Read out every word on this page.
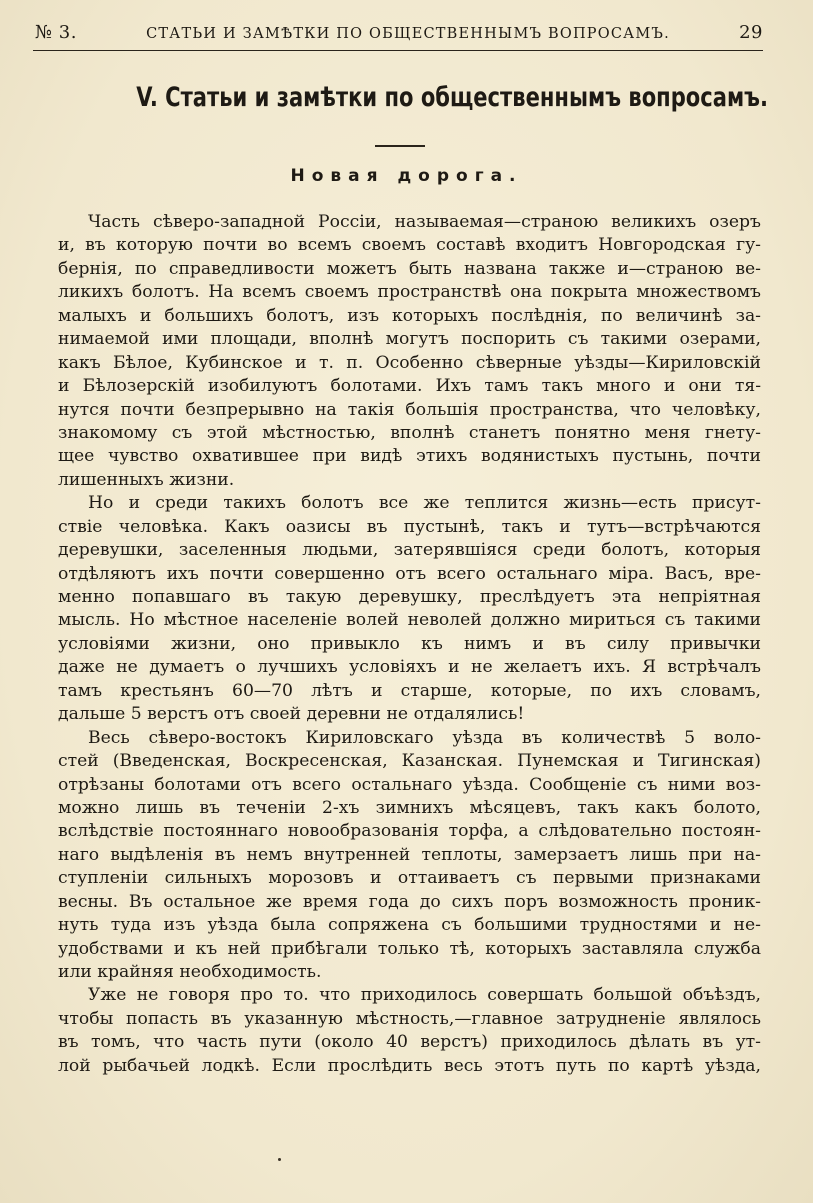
№ 3.	СТАТЬИ И ЗАМѢТКИ ПО ОБЩЕСТВЕННЫМЪ ВОПРОСАМЪ.	29
V. Статьи и замѣтки по общественнымъ вопросамъ.
Новая дорога.
Часть сѣверо-западной Россіи, называемая—страною великихъ озеръ
и, въ которую почти во всемъ своемъ составѣ входитъ Новгородская гу-
бернія, по справедливости можетъ быть названа также и—страною ве-
ликихъ болотъ. На всемъ своемъ пространствѣ она покрыта множествомъ
малыхъ и большихъ болотъ, изъ которыхъ послѣднія, по величинѣ за-
нимаемой ими площади, вполнѣ могутъ поспорить съ такими озерами,
какъ Бѣлое, Кубинское и т. п. Особенно сѣверные уѣзды—Кириловскій
и Бѣлозерскій изобилуютъ болотами. Ихъ тамъ такъ много и они тя-
нутся почти безпрерывно на такія большія пространства, что человѣку,
знакомому съ этой мѣстностью, вполнѣ станетъ понятно меня гнету-
щее чувство охватившее при видѣ этихъ водянистыхъ пустынь, почти
лишенныхъ жизни.
Но и среди такихъ болотъ все же теплится жизнь—есть присут-
ствіе человѣка. Какъ оазисы въ пустынѣ, такъ и тутъ—встрѣчаются
деревушки, заселенныя людьми, затерявшіяся среди болотъ, которыя
отдѣляютъ ихъ почти совершенно отъ всего остальнаго міра. Васъ, вре-
менно попавшаго въ такую деревушку, преслѣдуетъ эта непріятная
мысль. Но мѣстное населеніе волей неволей должно мириться съ такими
условіями жизни, оно привыкло къ нимъ и въ силу привычки
даже не думаетъ о лучшихъ условіяхъ и не желаетъ ихъ. Я встрѣчалъ
тамъ крестьянъ 60—70 лѣтъ и старше, которые, по ихъ словамъ,
дальше 5 верстъ отъ своей деревни не отдалялись!
Весь сѣверо-востокъ Кириловскаго уѣзда въ количествѣ 5 воло-
стей (Введенская, Воскресенская, Казанская. Пунемская и Тигинская)
отрѣзаны болотами отъ всего остальнаго уѣзда. Сообщеніе съ ними воз-
можно лишь въ теченіи 2-хъ зимнихъ мѣсяцевъ, такъ какъ болото,
вслѣдствіе постояннаго новообразованія торфа, а слѣдовательно постоян-
наго выдѣленія въ немъ внутренней теплоты, замерзаетъ лишь при на-
ступленіи сильныхъ морозовъ и оттаиваетъ съ первыми признаками
весны. Въ остальное же время года до сихъ поръ возможность проник-
нуть туда изъ уѣзда была сопряжена съ большими трудностями и не-
удобствами и къ ней прибѣгали только тѣ, которыхъ заставляла служба
или крайняя необходимость.
Уже не говоря про то. что приходилось совершать большой объѣздъ,
чтобы попасть въ указанную мѣстность,—главное затрудненіе являлось
въ томъ, что часть пути (около 40 верстъ) приходилось дѣлать въ ут-
лой рыбачьей лодкѣ. Если прослѣдить весь этотъ путь по картѣ уѣзда,
